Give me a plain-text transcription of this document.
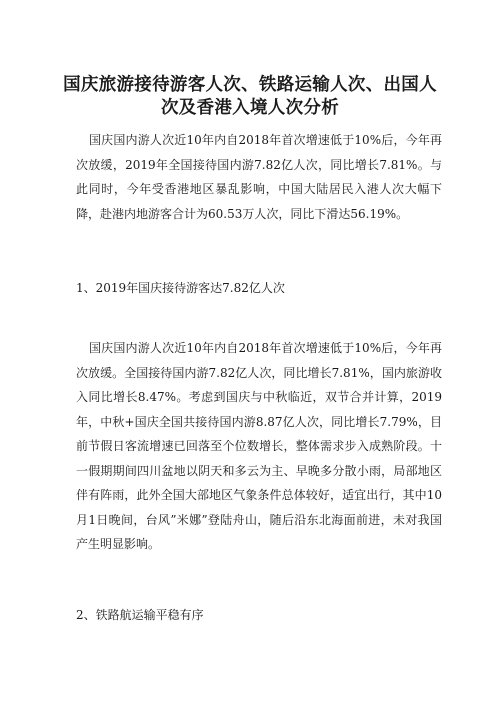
国庆旅游接待游客人次、铁路运输人次、出国人次及香港入境人次分析

国庆国内游人次近10年内自2018年首次增速低于10%后，今年再次放缓，2019年全国接待国内游7.82亿人次，同比增长7.81%。与此同时，今年受香港地区暴乱影响，中国大陆居民入港人次大幅下降，赴港内地游客合计为60.53万人次，同比下滑达56.19%。

1、2019年国庆接待游客达7.82亿人次

国庆国内游人次近10年内自2018年首次增速低于10%后，今年再次放缓。全国接待国内游7.82亿人次，同比增长7.81%，国内旅游收入同比增长8.47%。考虑到国庆与中秋临近，双节合并计算，2019年，中秋+国庆全国共接待国内游8.87亿人次，同比增长7.79%，目前节假日客流增速已回落至个位数增长，整体需求步入成熟阶段。十一假期期间四川盆地以阴天和多云为主、早晚多分散小雨，局部地区伴有阵雨，此外全国大部地区气象条件总体较好，适宜出行，其中10月1日晚间，台风”米娜”登陆舟山，随后沿东北海面前进，未对我国产生明显影响。

2、铁路航运输平稳有序
